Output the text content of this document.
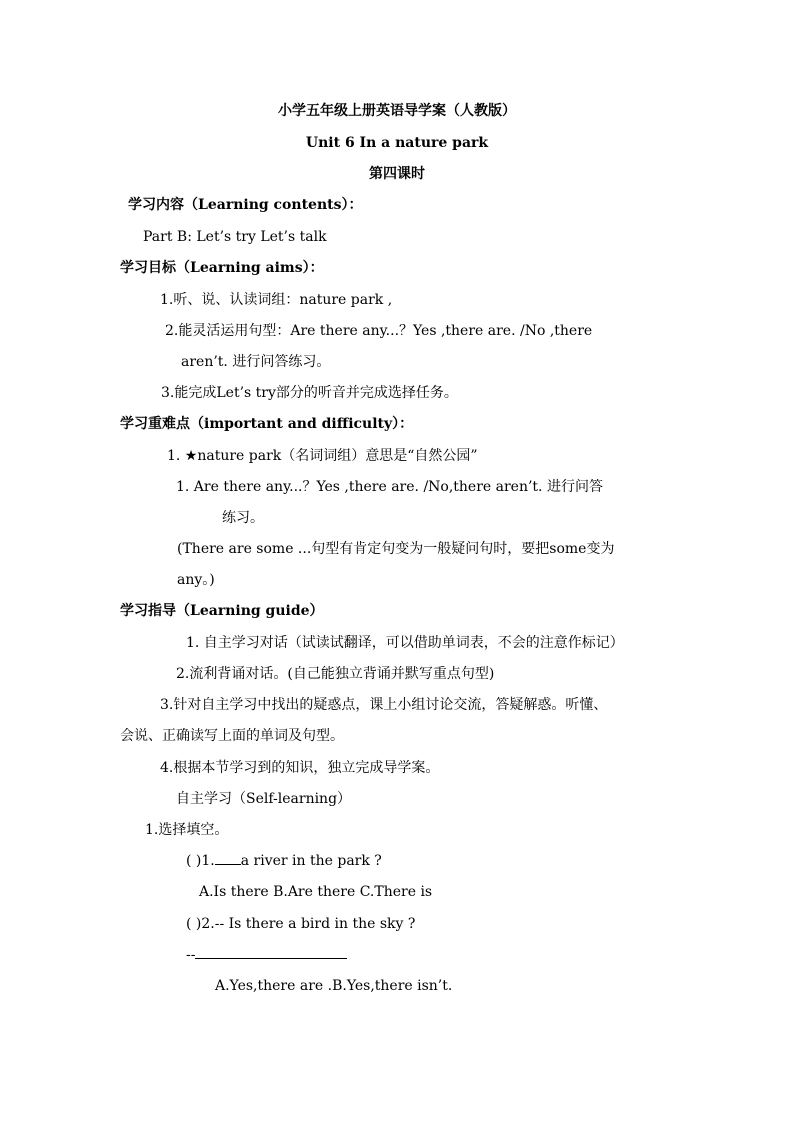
小学五年级上册英语导学案（人教版）
Unit 6 In a nature park
第四课时
学习内容（Learning contents）：
Part B: Let’s try Let’s talk
学习目标（Learning aims）：
1.听、说、认读词组：nature park ,
2.能灵活运用句型：Are there any...？Yes ,there are. /No ,there
aren’t. 进行问答练习。
3.能完成Let’s try部分的听音并完成选择任务。
学习重难点（important and difficulty）：
1. ★nature park（名词词组）意思是“自然公园”
1. Are there any...？Yes ,there are. /No,there aren’t. 进行问答
练习。
(There are some ...句型有肯定句变为一般疑问句时，要把some变为
any。)
学习指导（Learning guide）
1. 自主学习对话（试读试翻译，可以借助单词表，不会的注意作标记）
2.流利背诵对话。(自己能独立背诵并默写重点句型)
3.针对自主学习中找出的疑惑点，课上小组讨论交流，答疑解惑。听懂、
会说、正确读写上面的单词及句型。
4.根据本节学习到的知识，独立完成导学案。
自主学习（Self-learning）
1.选择填空。
( )1. a river in the park ?
A.Is there B.Are there C.There is
( )2.-- Is there a bird in the sky ?
--
A.Yes,there are .B.Yes,there isn’t.
